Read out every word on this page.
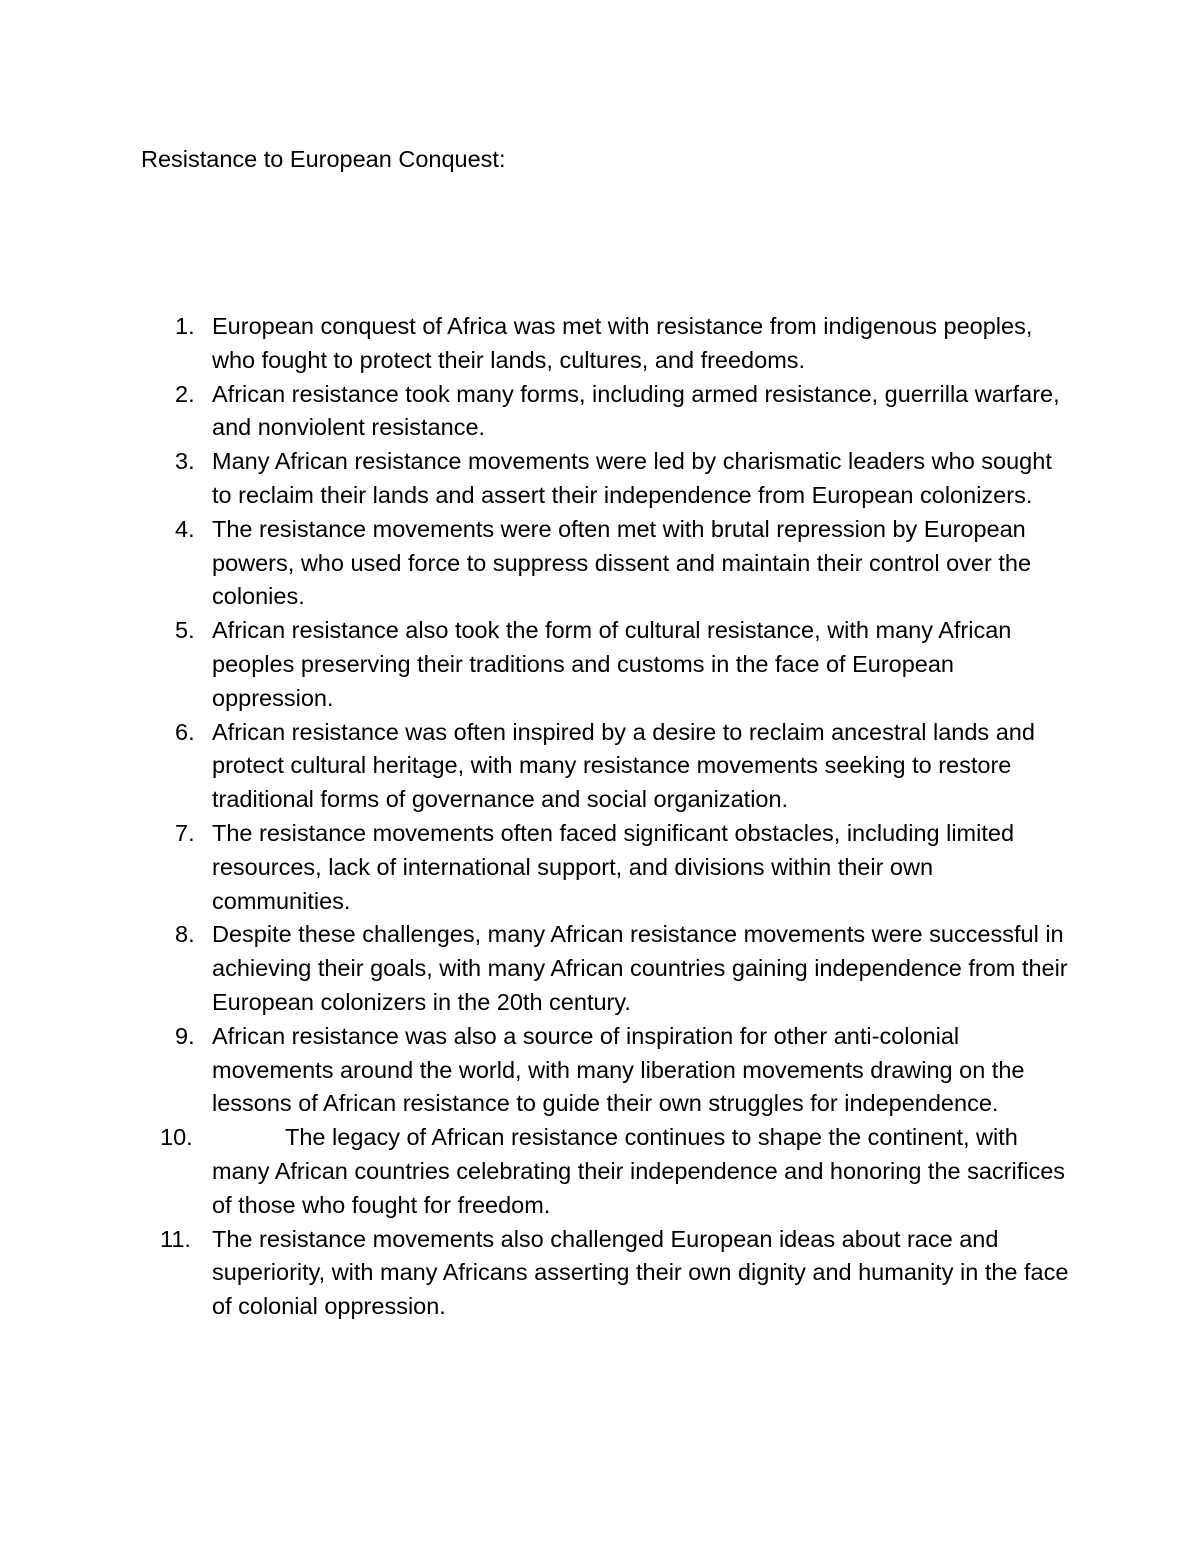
Resistance to European Conquest:
1. European conquest of Africa was met with resistance from indigenous peoples, who fought to protect their lands, cultures, and freedoms.
2. African resistance took many forms, including armed resistance, guerrilla warfare, and nonviolent resistance.
3. Many African resistance movements were led by charismatic leaders who sought to reclaim their lands and assert their independence from European colonizers.
4. The resistance movements were often met with brutal repression by European powers, who used force to suppress dissent and maintain their control over the colonies.
5. African resistance also took the form of cultural resistance, with many African peoples preserving their traditions and customs in the face of European oppression.
6. African resistance was often inspired by a desire to reclaim ancestral lands and protect cultural heritage, with many resistance movements seeking to restore traditional forms of governance and social organization.
7. The resistance movements often faced significant obstacles, including limited resources, lack of international support, and divisions within their own communities.
8. Despite these challenges, many African resistance movements were successful in achieving their goals, with many African countries gaining independence from their European colonizers in the 20th century.
9. African resistance was also a source of inspiration for other anti-colonial movements around the world, with many liberation movements drawing on the lessons of African resistance to guide their own struggles for independence.
10.	The legacy of African resistance continues to shape the continent, with many African countries celebrating their independence and honoring the sacrifices of those who fought for freedom.
11. The resistance movements also challenged European ideas about race and superiority, with many Africans asserting their own dignity and humanity in the face of colonial oppression.
